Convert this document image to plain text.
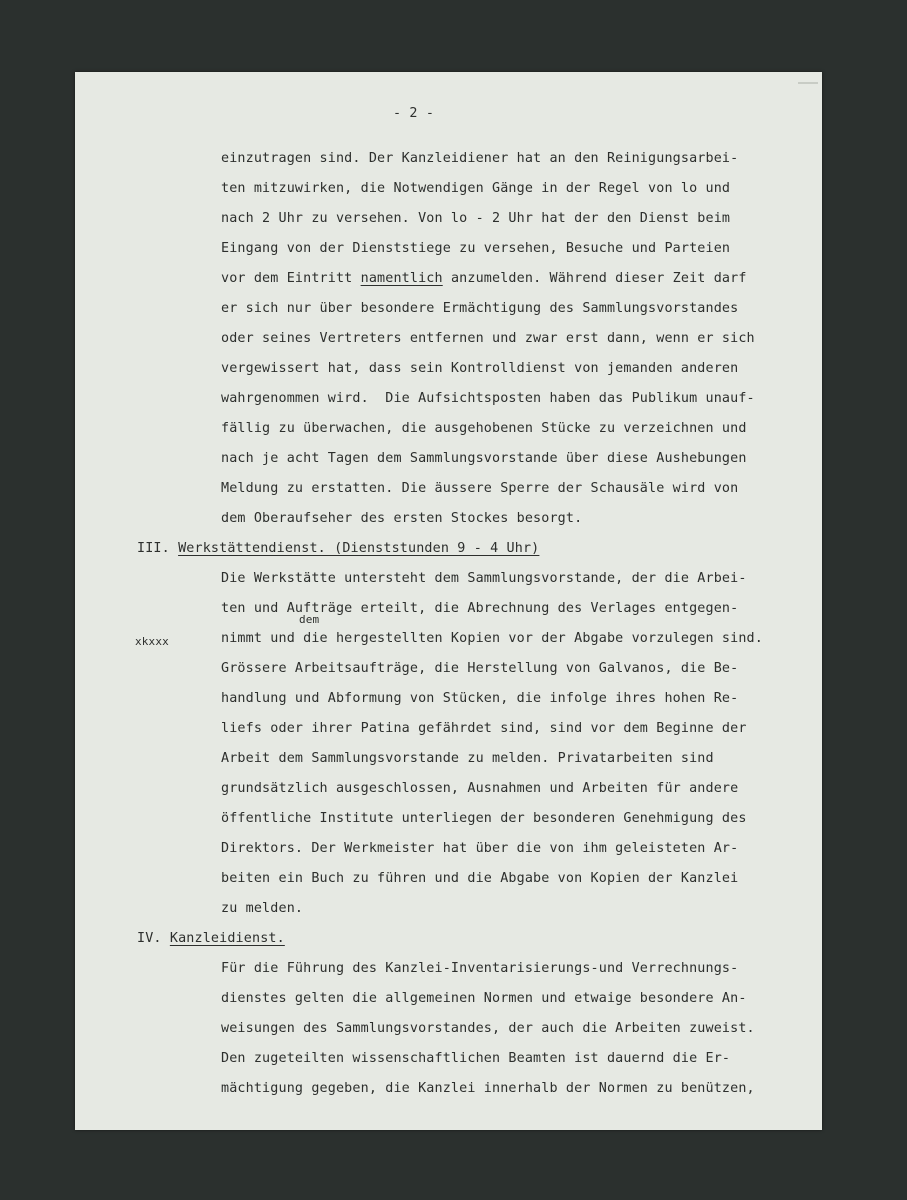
- 2 -
einzutragen sind. Der Kanzleidiener hat an den Reinigungsarbei-
ten mitzuwirken, die Notwendigen Gänge in der Regel von lo und
nach 2 Uhr zu versehen. Von lo - 2 Uhr hat der den Dienst beim
Eingang von der Dienststiege zu versehen, Besuche und Parteien
vor dem Eintritt namentlich anzumelden. Während dieser Zeit darf
er sich nur über besondere Ermächtigung des Sammlungsvorstandes
oder seines Vertreters entfernen und zwar erst dann, wenn er sich
vergewissert hat, dass sein Kontrolldienst von jemanden anderen
wahrgenommen wird.  Die Aufsichtsposten haben das Publikum unauf-
fällig zu überwachen, die ausgehobenen Stücke zu verzeichnen und
nach je acht Tagen dem Sammlungsvorstande über diese Aushebungen
Meldung zu erstatten. Die äussere Sperre der Schausäle wird von
dem Oberaufseher des ersten Stockes besorgt.
III. Werkstättendienst. (Dienststunden 9 - 4 Uhr)
Die Werkstätte untersteht dem Sammlungsvorstande, der die Arbei-
ten und Aufträge erteilt, die Abrechnung des Verlages entgegen-
dem
xkxxx	nimmt und die hergestellten Kopien vor der Abgabe vorzulegen sind.
Grössere Arbeitsaufträge, die Herstellung von Galvanos, die Be-
handlung und Abformung von Stücken, die infolge ihres hohen Re-
liefs oder ihrer Patina gefährdet sind, sind vor dem Beginne der
Arbeit dem Sammlungsvorstande zu melden. Privatarbeiten sind
grundsätzlich ausgeschlossen, Ausnahmen und Arbeiten für andere
öffentliche Institute unterliegen der besonderen Genehmigung des
Direktors. Der Werkmeister hat über die von ihm geleisteten Ar-
beiten ein Buch zu führen und die Abgabe von Kopien der Kanzlei
zu melden.
IV. Kanzleidienst.
Für die Führung des Kanzlei-Inventarisierungs-und Verrechnungs-
dienstes gelten die allgemeinen Normen und etwaige besondere An-
weisungen des Sammlungsvorstandes, der auch die Arbeiten zuweist.
Den zugeteilten wissenschaftlichen Beamten ist dauernd die Er-
mächtigung gegeben, die Kanzlei innerhalb der Normen zu benützen,
